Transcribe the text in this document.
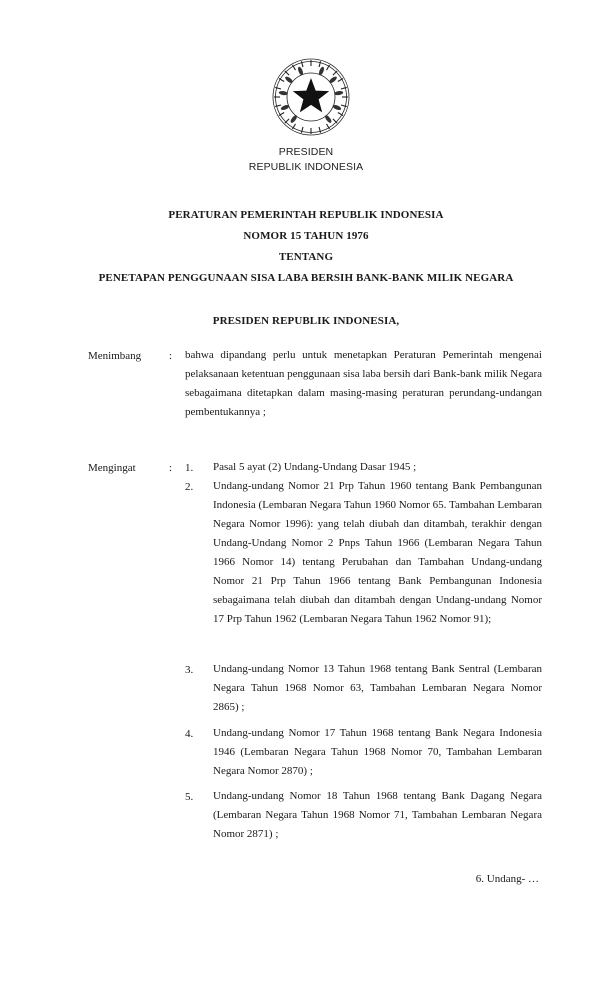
PRESIDEN
REPUBLIK INDONESIA
PERATURAN PEMERINTAH REPUBLIK INDONESIA
NOMOR 15 TAHUN 1976
TENTANG
PENETAPAN PENGGUNAAN SISA LABA BERSIH BANK-BANK MILIK NEGARA
PRESIDEN REPUBLIK INDONESIA,
Menimbang	: bahwa dipandang perlu untuk menetapkan Peraturan Pemerintah mengenai pelaksanaan ketentuan penggunaan sisa laba bersih dari Bank-bank milik Negara sebagaimana ditetapkan dalam masing-masing peraturan perundang-undangan pembentukannya ;
Mengingat	: 1. Pasal 5 ayat (2) Undang-Undang Dasar 1945 ;
2. Undang-undang Nomor 21 Prp Tahun 1960 tentang Bank Pembangunan Indonesia (Lembaran Negara Tahun 1960 Nomor 65. Tambahan Lembaran Negara Nomor 1996): yang telah diubah dan ditambah, terakhir dengan Undang-Undang Nomor 2 Pnps Tahun 1966 (Lembaran Negara Tahun 1966 Nomor 14) tentang Perubahan dan Tambahan Undang-undang Nomor 21 Prp Tahun 1966 tentang Bank Pembangunan Indonesia sebagaimana telah diubah dan ditambah dengan Undang-undang Nomor 17 Prp Tahun 1962 (Lembaran Negara Tahun 1962 Nomor 91);
3. Undang-undang Nomor 13 Tahun 1968 tentang Bank Sentral (Lembaran Negara Tahun 1968 Nomor 63, Tambahan Lembaran Negara Nomor 2865) ;
4. Undang-undang Nomor 17 Tahun 1968 tentang Bank Negara Indonesia 1946 (Lembaran Negara Tahun 1968 Nomor 70, Tambahan Lembaran Negara Nomor 2870) ;
5. Undang-undang Nomor 18 Tahun 1968 tentang Bank Dagang Negara (Lembaran Negara Tahun 1968 Nomor 71, Tambahan Lembaran Negara Nomor 2871) ;
6. Undang- …
